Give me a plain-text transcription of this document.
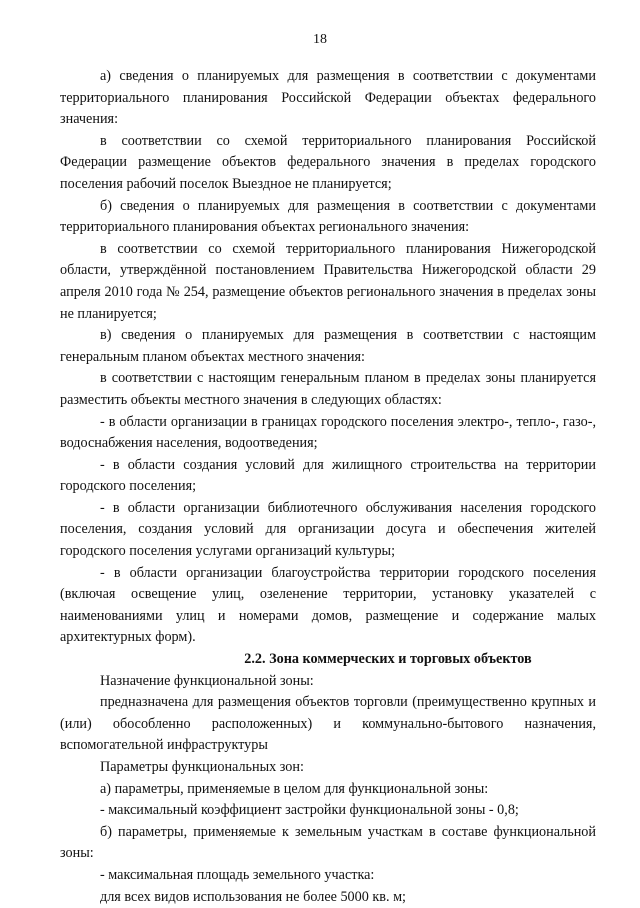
18

а) сведения о планируемых для размещения в соответствии с документами территориального планирования Российской Федерации объектах федерального значения:

в соответствии со схемой территориального планирования Российской Федерации размещение объектов федерального значения в пределах городского поселения рабочий поселок Выездное не планируется;

б) сведения о планируемых для размещения в соответствии с документами территориального планирования объектах регионального значения:

в соответствии со схемой территориального планирования Нижегородской области, утверждённой постановлением Правительства Нижегородской области 29 апреля 2010 года № 254, размещение объектов регионального значения в пределах зоны не планируется;

в) сведения о планируемых для размещения в соответствии с настоящим генеральным планом объектах местного значения:

в соответствии с настоящим генеральным планом в пределах зоны планируется разместить объекты местного значения в следующих областях:

- в области организации в границах городского поселения электро-, тепло-, газо-, водоснабжения населения, водоотведения;

- в области создания условий для жилищного строительства на территории городского поселения;

- в области организации библиотечного обслуживания населения городского поселения, создания условий для организации досуга и обеспечения жителей городского поселения услугами организаций культуры;

- в области организации благоустройства территории городского поселения (включая освещение улиц, озеленение территории, установку указателей с наименованиями улиц и номерами домов, размещение и содержание малых архитектурных форм).

2.2. Зона коммерческих и торговых объектов

Назначение функциональной зоны:

предназначена для размещения объектов торговли (преимущественно крупных и (или) обособленно расположенных) и коммунально-бытового назначения, вспомогательной инфраструктуры

Параметры функциональных зон:

а) параметры, применяемые в целом для функциональной зоны:

- максимальный коэффициент застройки функциональной зоны - 0,8;

б) параметры, применяемые к земельным участкам в составе функциональной зоны:

- максимальная площадь земельного участка:

для всех видов использования не более 5000 кв. м;
